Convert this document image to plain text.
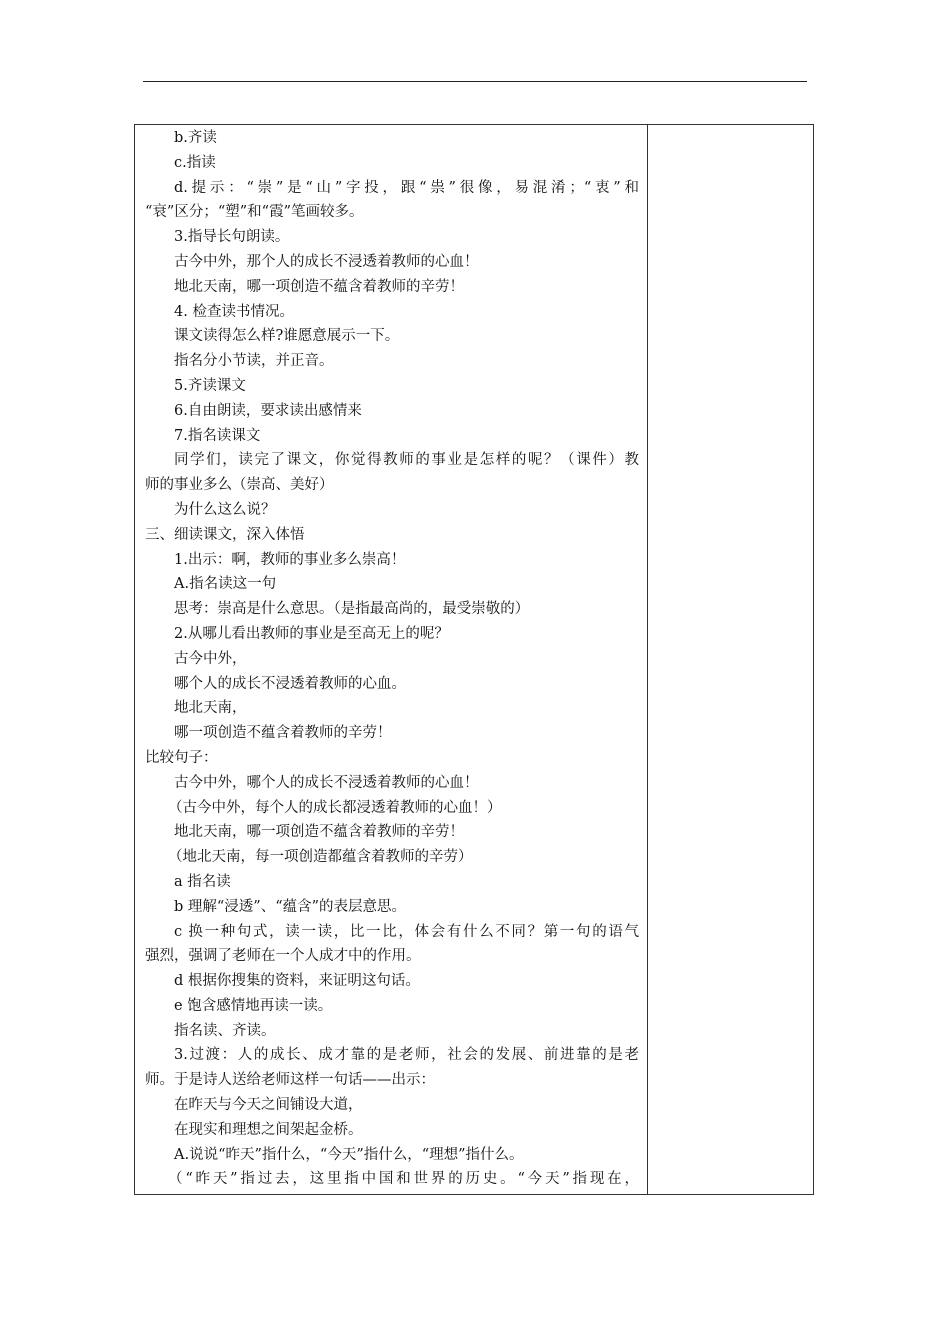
b.齐读
c.指读
d.提示：“崇”是“山”字投，跟“祟”很像，易混淆；“衷”和
“衰”区分；“塑”和“霞”笔画较多。
3.指导长句朗读。
古今中外，那个人的成长不浸透着教师的心血！
地北天南，哪一项创造不蕴含着教师的辛劳！
4. 检查读书情况。
课文读得怎么样?谁愿意展示一下。
指名分小节读，并正音。
5.齐读课文
6.自由朗读，要求读出感情来
7.指名读课文
同学们，读完了课文，你觉得教师的事业是怎样的呢？（课件）教
师的事业多么（崇高、美好）
为什么这么说？
三、细读课文，深入体悟
1.出示：啊，教师的事业多么崇高！
A.指名读这一句
思考：崇高是什么意思。（是指最高尚的，最受崇敬的）
2.从哪儿看出教师的事业是至高无上的呢？
古今中外，
哪个人的成长不浸透着教师的心血。
地北天南，
哪一项创造不蕴含着教师的辛劳！
比较句子：
古今中外，哪个人的成长不浸透着教师的心血！
（古今中外，每个人的成长都浸透着教师的心血！）
地北天南，哪一项创造不蕴含着教师的辛劳！
（地北天南，每一项创造都蕴含着教师的辛劳）
a 指名读
b 理解“浸透”、“蕴含”的表层意思。
c 换一种句式，读一读，比一比，体会有什么不同？第一句的语气
强烈，强调了老师在一个人成才中的作用。
d 根据你搜集的资料，来证明这句话。
e 饱含感情地再读一读。
指名读、齐读。
3.过渡：人的成长、成才靠的是老师，社会的发展、前进靠的是老
师。于是诗人送给老师这样一句话——出示：
在昨天与今天之间铺设大道，
在现实和理想之间架起金桥。
A.说说“昨天”指什么，“今天”指什么，“理想”指什么。
（“昨天”指过去，这里指中国和世界的历史。“今天”指现在，
